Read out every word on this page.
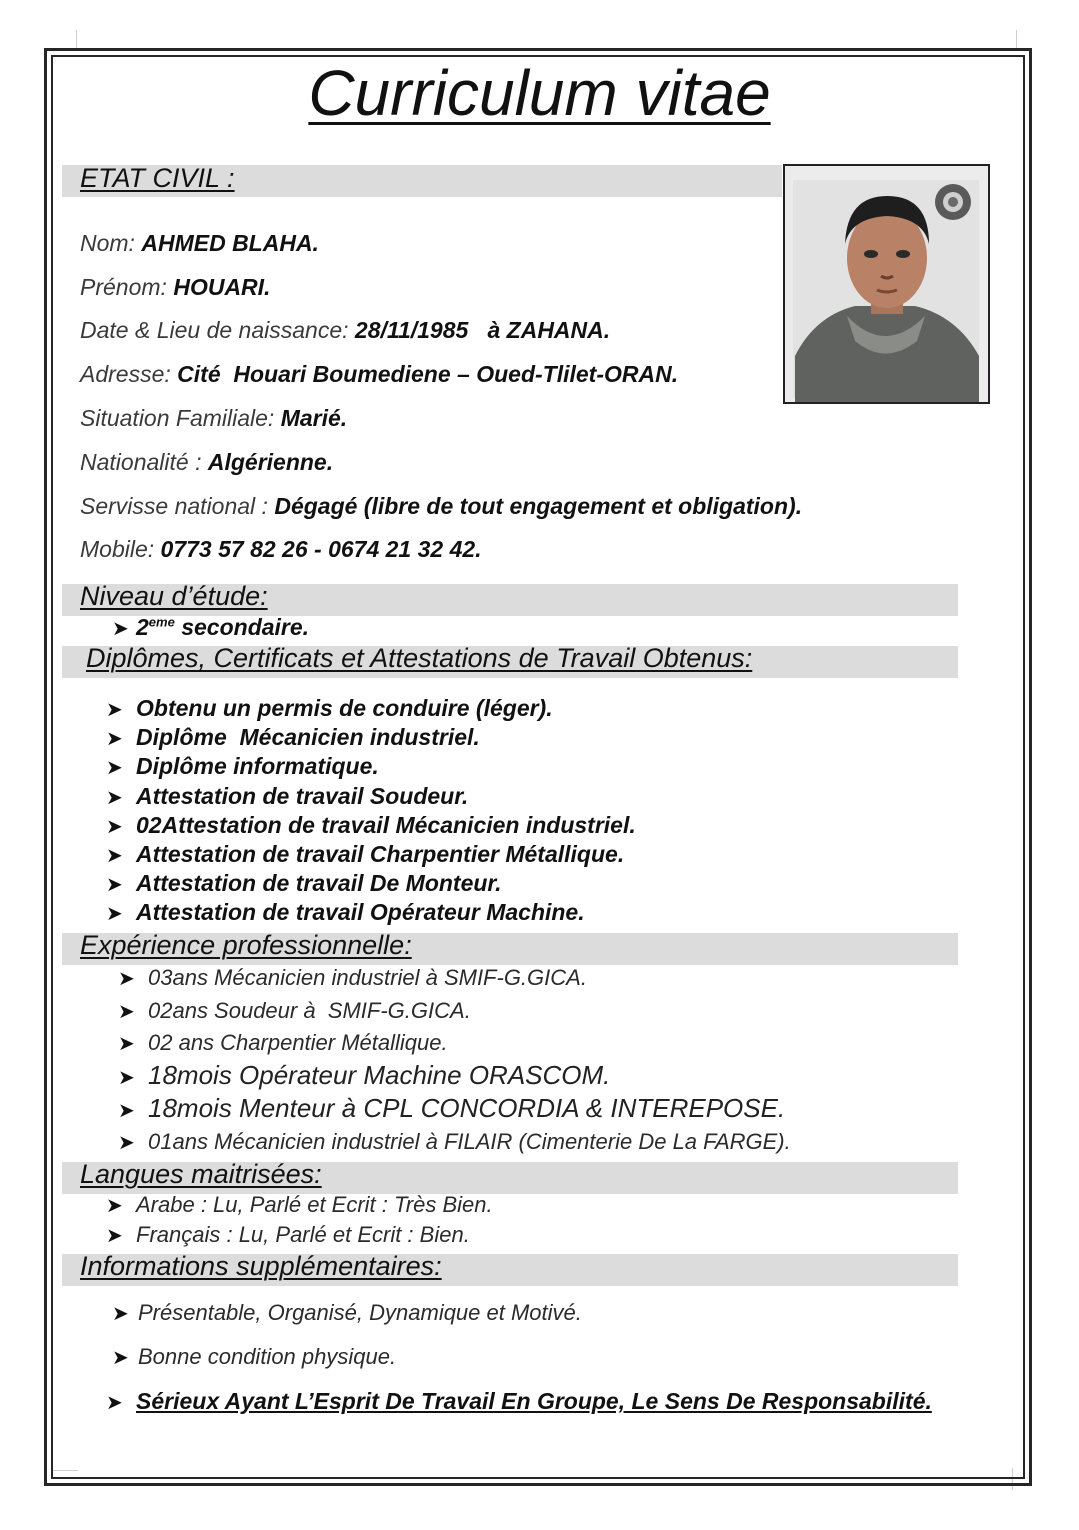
Curriculum vitae
ETAT CIVIL :
Nom: AHMED BLAHA.
Prénom: HOUARI.
Date & Lieu de naissance: 28/11/1985   à ZAHANA.
Adresse: Cité  Houari Boumediene – Oued-Tlilet-ORAN.
Situation Familiale: Marié.
Nationalité : Algérienne.
Servisse national : Dégagé (libre de tout engagement et obligation).
Mobile: 0773 57 82 26 - 0674 21 32 42.
Niveau d’étude:
➤ 2eme secondaire.
Diplômes, Certificats et Attestations de Travail Obtenus:
➤ Obtenu un permis de conduire (léger).
➤ Diplôme  Mécanicien industriel.
➤ Diplôme informatique.
➤ Attestation de travail Soudeur.
➤ 02Attestation de travail Mécanicien industriel.
➤ Attestation de travail Charpentier Métallique.
➤ Attestation de travail De Monteur.
➤ Attestation de travail Opérateur Machine.
Expérience professionnelle:
➤ 03ans Mécanicien industriel à SMIF-G.GICA.
➤ 02ans Soudeur à  SMIF-G.GICA.
➤ 02 ans Charpentier Métallique.
➤ 18mois Opérateur Machine ORASCOM.
➤ 18mois Menteur à CPL CONCORDIA & INTEREPOSE.
➤ 01ans Mécanicien industriel à FILAIR (Cimenterie De La FARGE).
Langues maitrisées:
➤ Arabe : Lu, Parlé et Ecrit : Très Bien.
➤ Français : Lu, Parlé et Ecrit : Bien.
Informations supplémentaires:
➤ Présentable, Organisé, Dynamique et Motivé.
➤ Bonne condition physique.
➤ Sérieux Ayant L’Esprit De Travail En Groupe, Le Sens De Responsabilité.
